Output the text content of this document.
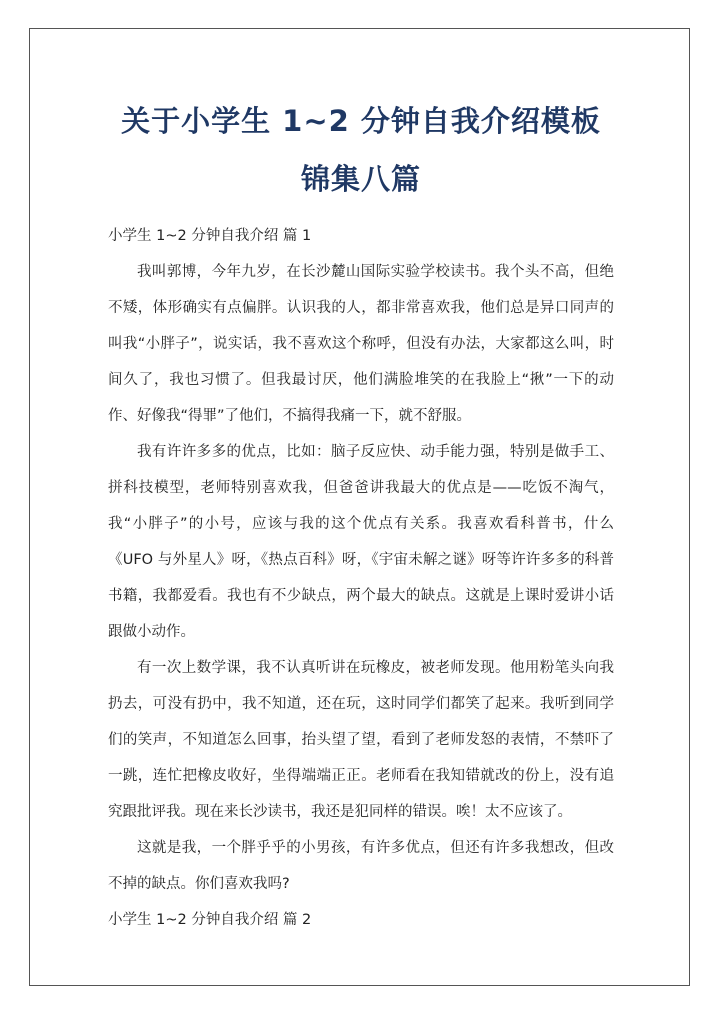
关于小学生 1~2 分钟自我介绍模板锦集八篇
小学生 1~2 分钟自我介绍 篇 1

我叫郭博，今年九岁，在长沙麓山国际实验学校读书。我个头不高，但绝不矮，体形确实有点偏胖。认识我的人，都非常喜欢我，他们总是异口同声的叫我“小胖子”，说实话，我不喜欢这个称呼，但没有办法，大家都这么叫，时间久了，我也习惯了。但我最讨厌，他们满脸堆笑的在我脸上“揪”一下的动作、好像我“得罪”了他们，不搞得我痛一下，就不舒服。

我有许许多多的优点，比如：脑子反应快、动手能力强，特别是做手工、拼科技模型，老师特别喜欢我，但爸爸讲我最大的优点是——吃饭不淘气，我“小胖子”的小号，应该与我的这个优点有关系。我喜欢看科普书，什么《UFO 与外星人》呀，《热点百科》呀，《宇宙未解之谜》呀等许许多多的科普书籍，我都爱看。我也有不少缺点，两个最大的缺点。这就是上课时爱讲小话跟做小动作。

有一次上数学课，我不认真听讲在玩橡皮，被老师发现。他用粉笔头向我扔去，可没有扔中，我不知道，还在玩，这时同学们都笑了起来。我听到同学们的笑声，不知道怎么回事，抬头望了望，看到了老师发怒的表情，不禁吓了一跳，连忙把橡皮收好，坐得端端正正。老师看在我知错就改的份上，没有追究跟批评我。现在来长沙读书，我还是犯同样的错误。唉！太不应该了。

这就是我，一个胖乎乎的小男孩，有许多优点，但还有许多我想改，但改不掉的缺点。你们喜欢我吗?

小学生 1~2 分钟自我介绍 篇 2
